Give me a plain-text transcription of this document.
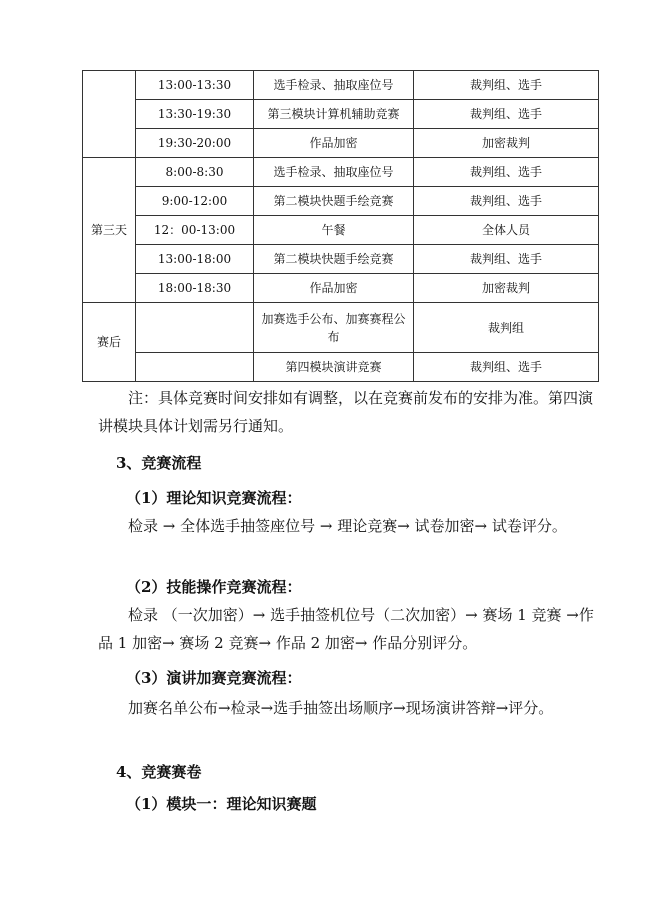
	13:00-13:30	选手检录、抽取座位号	裁判组、选手
	13:30-19:30	第三模块计算机辅助竞赛	裁判组、选手
	19:30-20:00	作品加密	加密裁判
第三天	8:00-8:30	选手检录、抽取座位号	裁判组、选手
	9:00-12:00	第二模块快题手绘竞赛	裁判组、选手
	12：00-13:00	午餐	全体人员
	13:00-18:00	第二模块快题手绘竞赛	裁判组、选手
	18:00-18:30	作品加密	加密裁判
赛后		加赛选手公布、加赛赛程公布	裁判组
		第四模块演讲竞赛	裁判组、选手

注：具体竞赛时间安排如有调整，以在竞赛前发布的安排为准。第四演讲模块具体计划需另行通知。

3、竞赛流程

（1）理论知识竞赛流程：

检录 → 全体选手抽签座位号 → 理论竞赛→ 试卷加密→ 试卷评分。

（2）技能操作竞赛流程：

检录 （一次加密）→ 选手抽签机位号（二次加密）→ 赛场 1 竞赛 →作品 1 加密→ 赛场 2 竞赛→ 作品 2 加密→ 作品分别评分。

（3）演讲加赛竞赛流程：

加赛名单公布→检录→选手抽签出场顺序→现场演讲答辩→评分。

4、竞赛赛卷

（1）模块一：理论知识赛题
